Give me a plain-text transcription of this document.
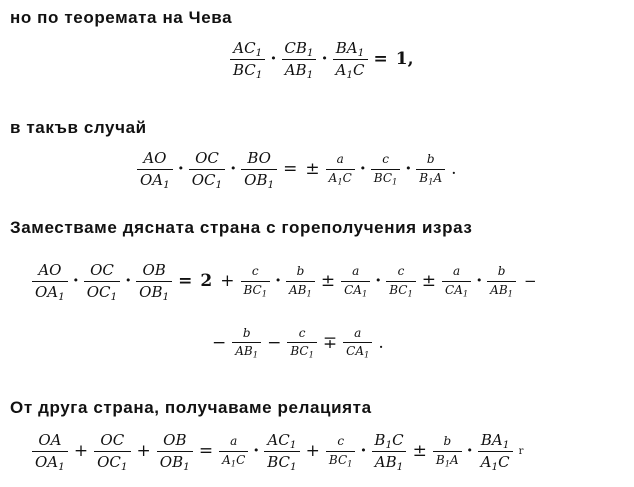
но по теоремата на Чева
в такъв случай
Заместваме дясната страна с гореполучения израз
От друга страна, получаваме релацията
$\frac{AC_1}{BC_1} \cdot \frac{CB_1}{AB_1} \cdot \frac{BA_1}{A_1C} = 1$,
$\frac{AO}{OA_1} \cdot \frac{OC}{OC_1} \cdot \frac{BO}{OB_1}$ = ± $\frac{a}{A_1C} \cdot \frac{c}{BC_1} \cdot \frac{b}{B_1A}$ .
$\frac{AO}{OA_1} \cdot \frac{OC}{OC_1} \cdot \frac{OB}{OB_1} = 2 + \frac{c}{BC_1} \cdot \frac{b}{AB_1} \pm \frac{a}{CA_1} \cdot \frac{c}{BC_1} \pm \frac{a}{CA_1} \cdot \frac{b}{AB_1}$ −
− $\frac{b}{AB_1} - \frac{c}{BC_1} \mp \frac{a}{CA_1}$ .
$\frac{OA}{OA_1} + \frac{OC}{OC_1} + \frac{OB}{OB_1} = \frac{a}{A_1C} \cdot \frac{AC_1}{BC_1} + \frac{c}{BC_1} \cdot \frac{B_1C}{AB_1} \pm \frac{b}{B_1A} \cdot \frac{BA_1}{A_1C}$ r
